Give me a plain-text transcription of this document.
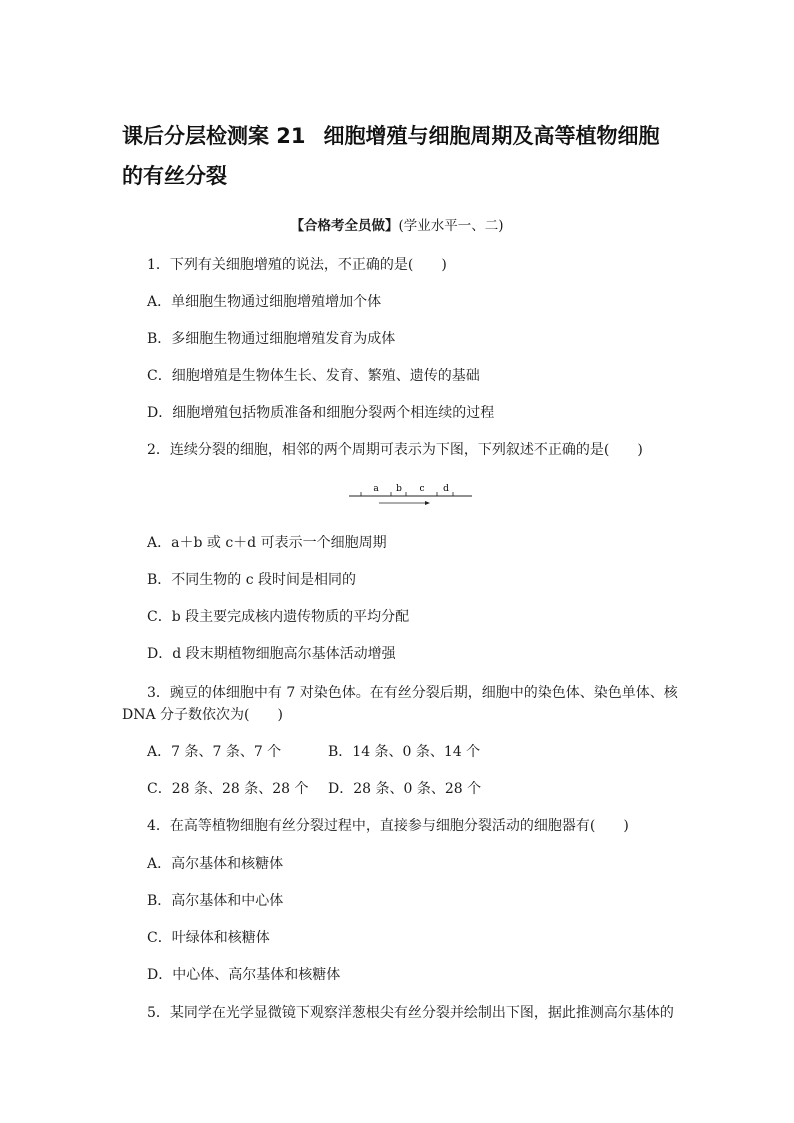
课后分层检测案 21 细胞增殖与细胞周期及高等植物细胞
的有丝分裂
【合格考全员做】(学业水平一、二)
1．下列有关细胞增殖的说法，不正确的是(　　)
A．单细胞生物通过细胞增殖增加个体
B．多细胞生物通过细胞增殖发育为成体
C．细胞增殖是生物体生长、发育、繁殖、遗传的基础
D．细胞增殖包括物质准备和细胞分裂两个相连续的过程
2．连续分裂的细胞，相邻的两个周期可表示为下图，下列叙述不正确的是(　　)
a b c d
A．a＋b 或 c＋d 可表示一个细胞周期
B．不同生物的 c 段时间是相同的
C．b 段主要完成核内遗传物质的平均分配
D．d 段末期植物细胞高尔基体活动增强
3．豌豆的体细胞中有 7 对染色体。在有丝分裂后期，细胞中的染色体、染色单体、核
DNA 分子数依次为(　　)
A．7 条、7 条、7 个	B．14 条、0 条、14 个
C．28 条、28 条、28 个 D．28 条、0 条、28 个
4．在高等植物细胞有丝分裂过程中，直接参与细胞分裂活动的细胞器有(　　)
A．高尔基体和核糖体
B．高尔基体和中心体
C．叶绿体和核糖体
D．中心体、高尔基体和核糖体
5．某同学在光学显微镜下观察洋葱根尖有丝分裂并绘制出下图，据此推测高尔基体的
